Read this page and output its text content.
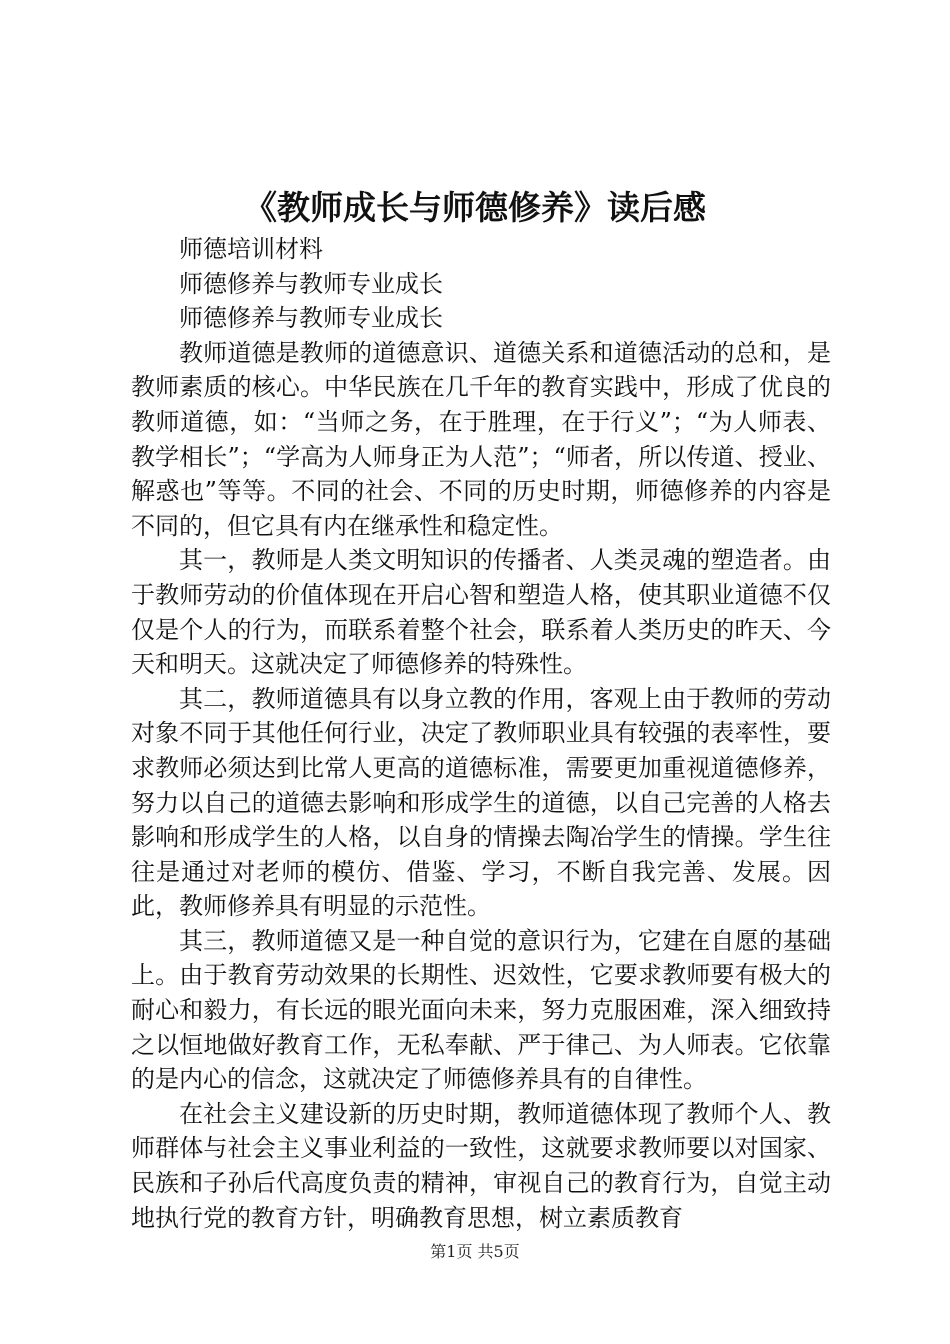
《教师成长与师德修养》读后感

师德培训材料

师德修养与教师专业成长

师德修养与教师专业成长

教师道德是教师的道德意识、道德关系和道德活动的总和，是教师素质的核心。中华民族在几千年的教育实践中，形成了优良的教师道德，如：“当师之务，在于胜理，在于行义”；“为人师表、教学相长”；“学高为人师身正为人范”；“师者，所以传道、授业、解惑也”等等。不同的社会、不同的历史时期，师德修养的内容是不同的，但它具有内在继承性和稳定性。

其一，教师是人类文明知识的传播者、人类灵魂的塑造者。由于教师劳动的价值体现在开启心智和塑造人格，使其职业道德不仅仅是个人的行为，而联系着整个社会，联系着人类历史的昨天、今天和明天。这就决定了师德修养的特殊性。

其二，教师道德具有以身立教的作用，客观上由于教师的劳动对象不同于其他任何行业，决定了教师职业具有较强的表率性，要求教师必须达到比常人更高的道德标准，需要更加重视道德修养，努力以自己的道德去影响和形成学生的道德，以自己完善的人格去影响和形成学生的人格，以自身的情操去陶冶学生的情操。学生往往是通过对老师的模仿、借鉴、学习，不断自我完善、发展。因此，教师修养具有明显的示范性。

其三，教师道德又是一种自觉的意识行为，它建在自愿的基础上。由于教育劳动效果的长期性、迟效性，它要求教师要有极大的耐心和毅力，有长远的眼光面向未来，努力克服困难，深入细致持之以恒地做好教育工作，无私奉献、严于律己、为人师表。它依靠的是内心的信念，这就决定了师德修养具有的自律性。

在社会主义建设新的历史时期，教师道德体现了教师个人、教师群体与社会主义事业利益的一致性，这就要求教师要以对国家、民族和子孙后代高度负责的精神，审视自己的教育行为，自觉主动地执行党的教育方针，明确教育思想，树立素质教育

第1页 共5页
